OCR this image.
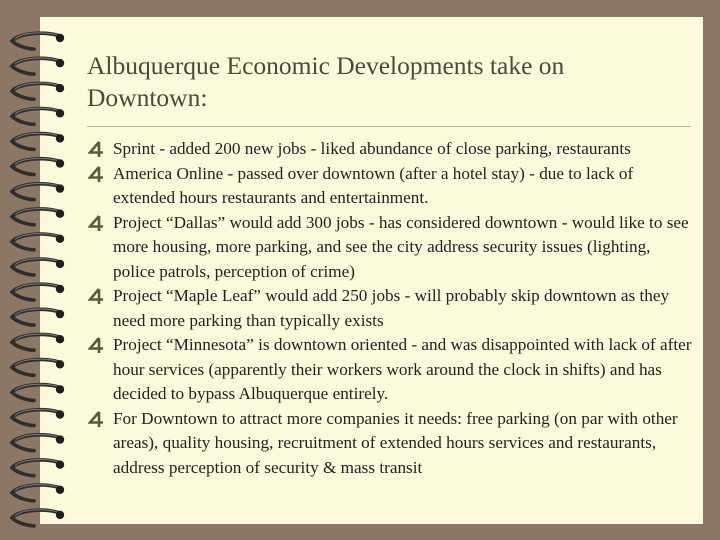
Albuquerque Economic Developments take on Downtown:
Sprint - added 200 new jobs - liked abundance of close parking, restaurants
America Online - passed over downtown (after a hotel stay) - due to lack of extended hours restaurants and entertainment.
Project “Dallas” would add 300 jobs - has considered downtown - would like to see more housing, more parking, and see the city address security issues (lighting, police patrols, perception of crime)
Project “Maple Leaf” would add 250 jobs - will probably skip downtown as they need more parking than typically exists
Project “Minnesota” is downtown oriented - and was disappointed with lack of after hour services (apparently their workers work around the clock in shifts) and has decided to bypass Albuquerque entirely.
For Downtown to attract more companies it needs: free parking (on par with other areas), quality housing, recruitment of extended hours services and restaurants, address perception of security & mass transit
